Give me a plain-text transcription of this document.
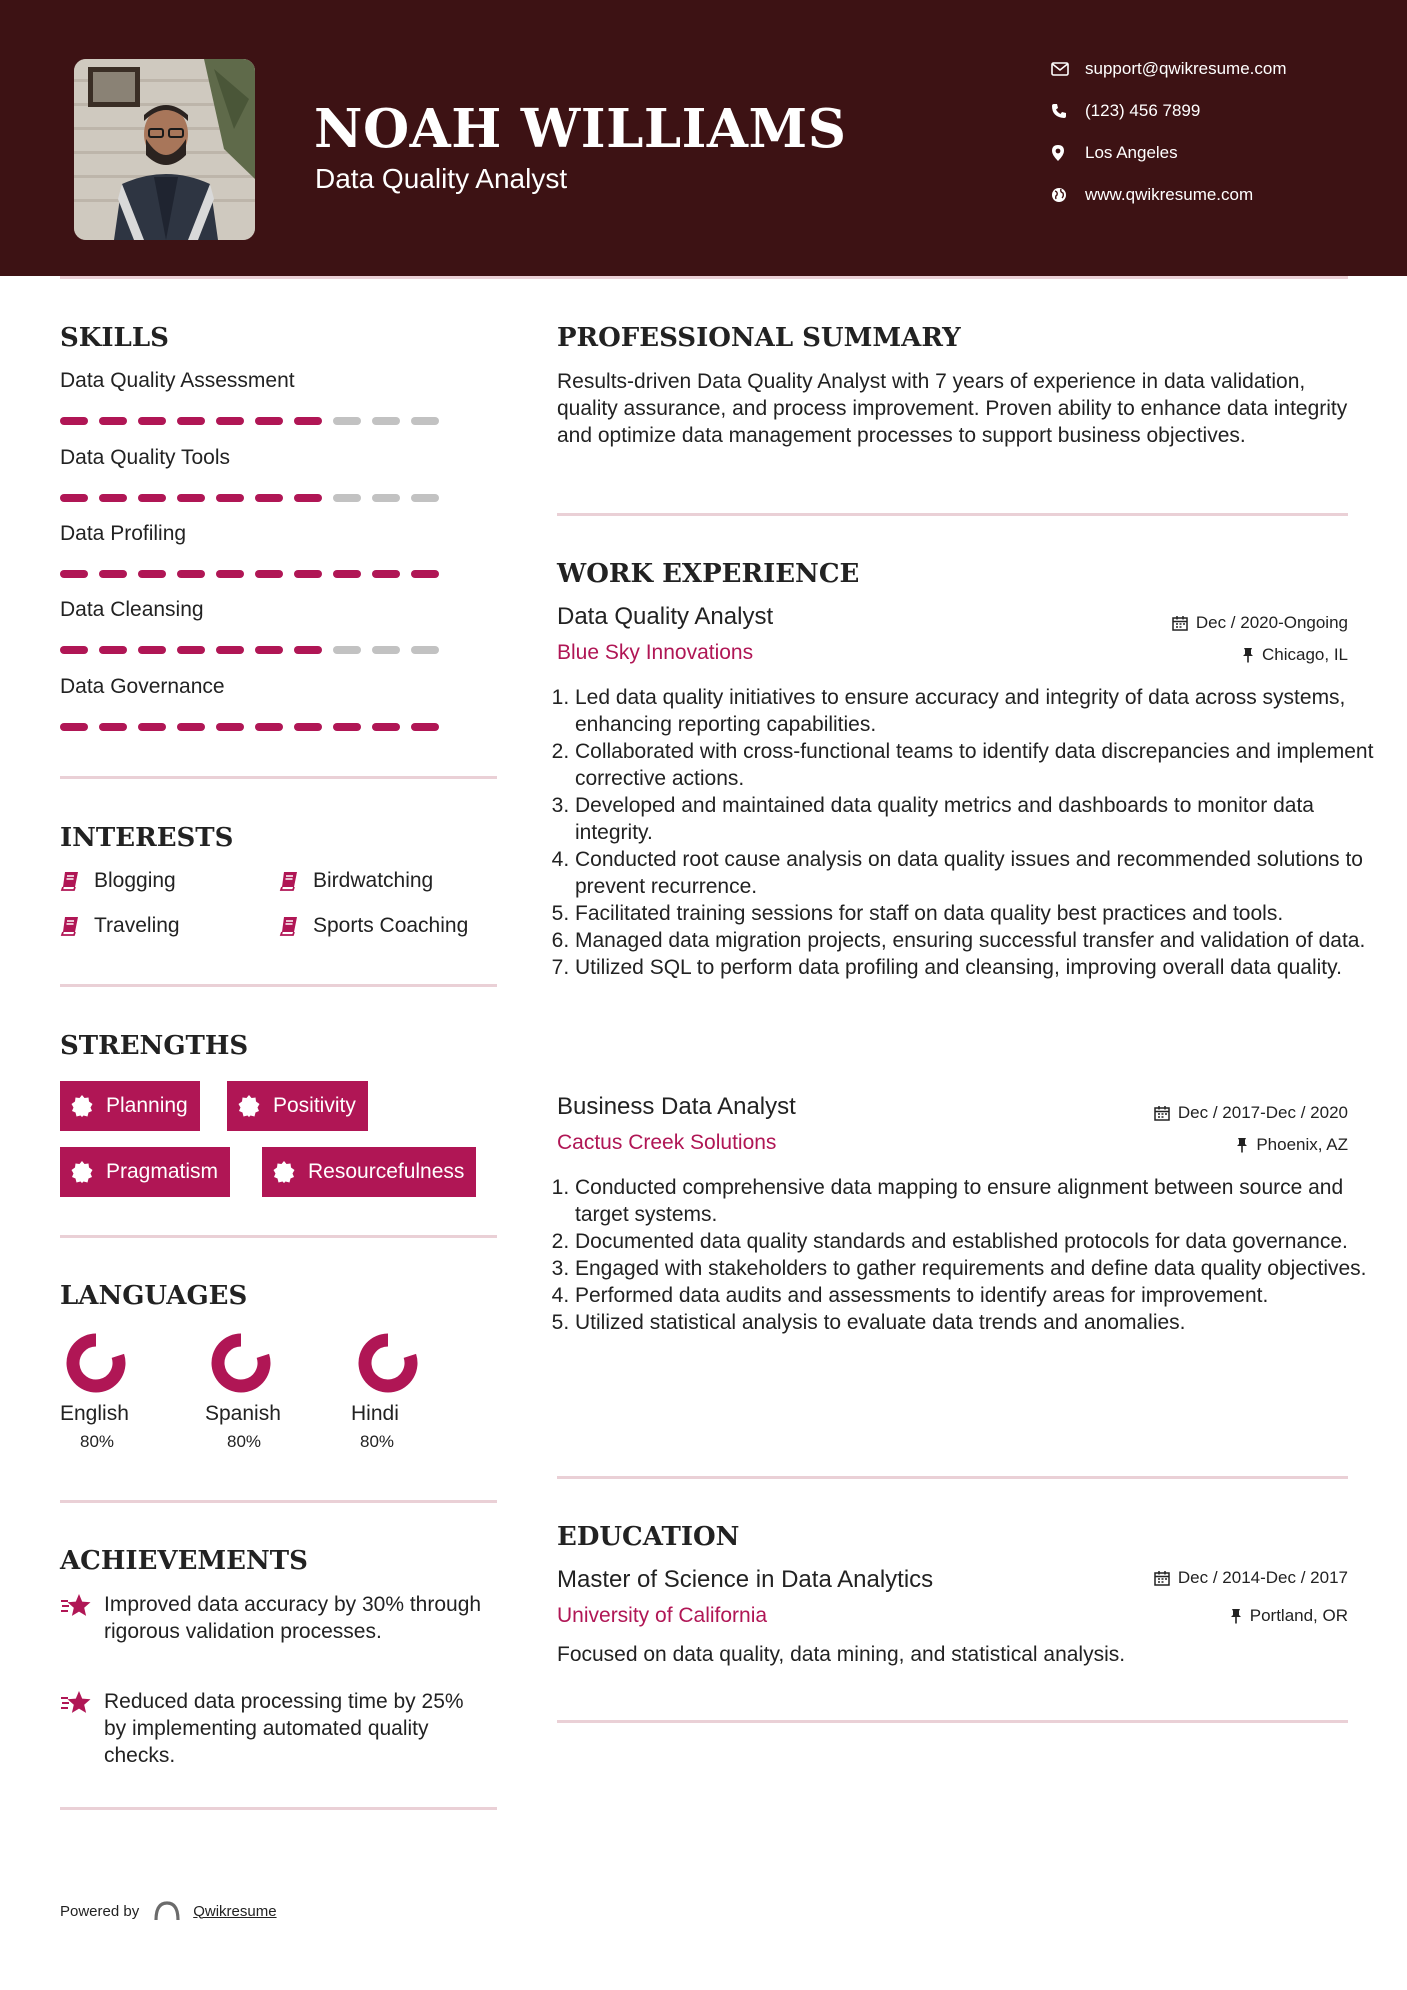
NOAH WILLIAMS
Data Quality Analyst
support@qwikresume.com
(123) 456 7899
Los Angeles
www.qwikresume.com
SKILLS
Data Quality Assessment
Data Quality Tools
Data Profiling
Data Cleansing
Data Governance
INTERESTS
Blogging	Birdwatching
Traveling	Sports Coaching
STRENGTHS
Planning	Positivity
Pragmatism	Resourcefulness
LANGUAGES
English
80%
Spanish
80%
Hindi
80%
ACHIEVEMENTS
Improved data accuracy by 30% through rigorous validation processes.
Reduced data processing time by 25% by implementing automated quality checks.
PROFESSIONAL SUMMARY
Results-driven Data Quality Analyst with 7 years of experience in data validation, quality assurance, and process improvement. Proven ability to enhance data integrity and optimize data management processes to support business objectives.
WORK EXPERIENCE
Data Quality Analyst	Dec / 2020-Ongoing
Blue Sky Innovations	Chicago, IL
1. Led data quality initiatives to ensure accuracy and integrity of data across systems, enhancing reporting capabilities.
2. Collaborated with cross-functional teams to identify data discrepancies and implement corrective actions.
3. Developed and maintained data quality metrics and dashboards to monitor data integrity.
4. Conducted root cause analysis on data quality issues and recommended solutions to prevent recurrence.
5. Facilitated training sessions for staff on data quality best practices and tools.
6. Managed data migration projects, ensuring successful transfer and validation of data.
7. Utilized SQL to perform data profiling and cleansing, improving overall data quality.
Business Data Analyst	Dec / 2017-Dec / 2020
Cactus Creek Solutions	Phoenix, AZ
1. Conducted comprehensive data mapping to ensure alignment between source and target systems.
2. Documented data quality standards and established protocols for data governance.
3. Engaged with stakeholders to gather requirements and define data quality objectives.
4. Performed data audits and assessments to identify areas for improvement.
5. Utilized statistical analysis to evaluate data trends and anomalies.
EDUCATION
Master of Science in Data Analytics	Dec / 2014-Dec / 2017
University of California	Portland, OR
Focused on data quality, data mining, and statistical analysis.
Powered by	Qwikresume
